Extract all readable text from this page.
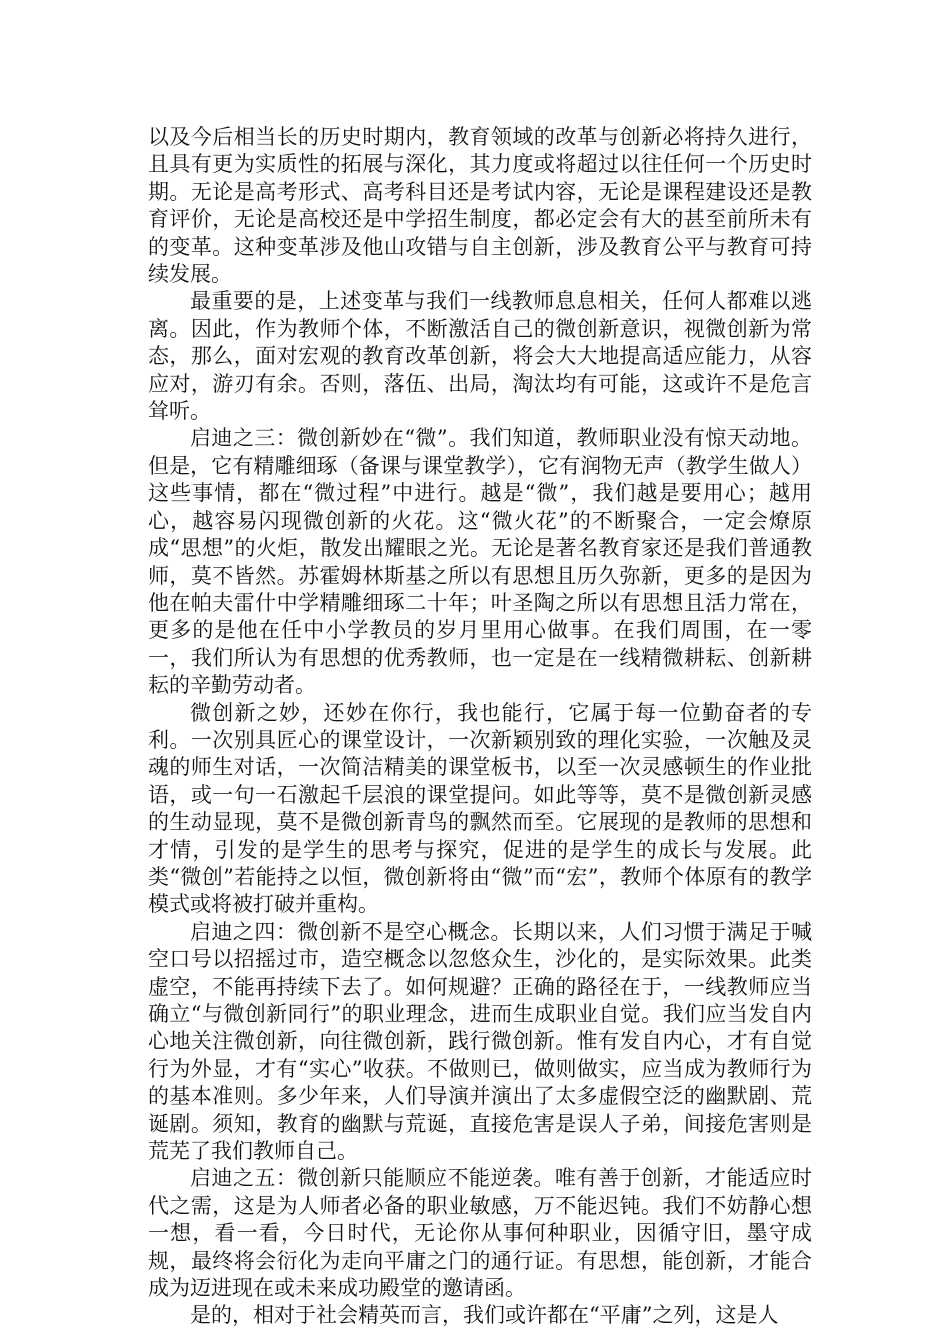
以及今后相当长的历史时期内，教育领域的改革与创新必将持久进行，且具有更为实质性的拓展与深化，其力度或将超过以往任何一个历史时期。无论是高考形式、高考科目还是考试内容，无论是课程建设还是教育评价，无论是高校还是中学招生制度，都必定会有大的甚至前所未有的变革。这种变革涉及他山攻错与自主创新，涉及教育公平与教育可持续发展。

最重要的是，上述变革与我们一线教师息息相关，任何人都难以逃离。因此，作为教师个体，不断激活自己的微创新意识，视微创新为常态，那么，面对宏观的教育改革创新，将会大大地提高适应能力，从容应对，游刃有余。否则，落伍、出局，淘汰均有可能，这或许不是危言耸听。

启迪之三：微创新妙在“微”。我们知道，教师职业没有惊天动地。但是，它有精雕细琢（备课与课堂教学），它有润物无声（教学生做人）这些事情，都在“微过程”中进行。越是“微”，我们越是要用心；越用心，越容易闪现微创新的火花。这“微火花”的不断聚合，一定会燎原成“思想”的火炬，散发出耀眼之光。无论是著名教育家还是我们普通教师，莫不皆然。苏霍姆林斯基之所以有思想且历久弥新，更多的是因为他在帕夫雷什中学精雕细琢二十年；叶圣陶之所以有思想且活力常在，更多的是他在任中小学教员的岁月里用心做事。在我们周围，在一零一，我们所认为有思想的优秀教师，也一定是在一线精微耕耘、创新耕耘的辛勤劳动者。

微创新之妙，还妙在你行，我也能行，它属于每一位勤奋者的专利。一次别具匠心的课堂设计，一次新颖别致的理化实验，一次触及灵魂的师生对话，一次简洁精美的课堂板书，以至一次灵感顿生的作业批语，或一句一石激起千层浪的课堂提问。如此等等，莫不是微创新灵感的生动显现，莫不是微创新青鸟的飘然而至。它展现的是教师的思想和才情，引发的是学生的思考与探究，促进的是学生的成长与发展。此类“微创”若能持之以恒，微创新将由“微”而“宏”，教师个体原有的教学模式或将被打破并重构。

启迪之四：微创新不是空心概念。长期以来，人们习惯于满足于喊空口号以招摇过市，造空概念以忽悠众生，沙化的，是实际效果。此类虚空，不能再持续下去了。如何规避？正确的路径在于，一线教师应当确立“与微创新同行”的职业理念，进而生成职业自觉。我们应当发自内心地关注微创新，向往微创新，践行微创新。惟有发自内心，才有自觉行为外显，才有“实心”收获。不做则已，做则做实，应当成为教师行为的基本准则。多少年来，人们导演并演出了太多虚假空泛的幽默剧、荒诞剧。须知，教育的幽默与荒诞，直接危害是误人子弟，间接危害则是荒芜了我们教师自己。

启迪之五：微创新只能顺应不能逆袭。唯有善于创新，才能适应时代之需，这是为人师者必备的职业敏感，万不能迟钝。我们不妨静心想一想，看一看，今日时代，无论你从事何种职业，因循守旧，墨守成规，最终将会衍化为走向平庸之门的通行证。有思想，能创新，才能合成为迈进现在或未来成功殿堂的邀请函。

是的，相对于社会精英而言，我们或许都在“平庸”之列，这是人
